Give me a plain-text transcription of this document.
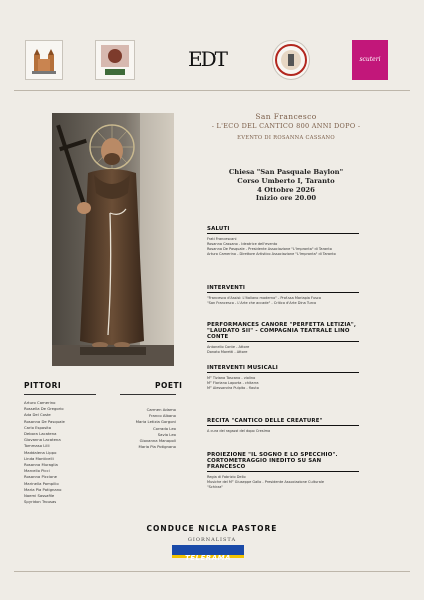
EDT	scuteri
San Francesco
- L'ECO DEL CANTICO 800 ANNI DOPO -
EVENTO DI ROSANNA CASSANO
Chiesa "San Pasquale Baylon"
Corso Umberto I, Taranto
4 Ottobre 2026
Inizio ore 20.00
SALUTI
Frati Francescani
Rosanna Cassano - Ideatrice dell'evento
Rosanna De Pasquale - Presidente Associazione "L'Impronta" di Taranto
Arturo Camerino - Direttore Artistico Associazione "L'Impronta" di Taranto
INTERVENTI
"Francesco d'Assisi: L'Italiano moderno" - Prof.ssa Mariapia Fusco
"San Francesco - L'Arte che accade" - Critico d'Arte Dina Turco
PERFORMANCES CANORE "PERFETTA LETIZIA",
"LAUDATO SII" - COMPAGNIA TEATRALE LINO CONTE
Antonello Conte - Attore
Donato Moretti - Attore
INTERVENTI MUSICALI
M° Tiziana Toscano - violino
M° Floriano Laporta - chitarra
M° Alessandra Pulpito - flauto
RECITA "CANTICO DELLE CREATURE"
A cura dei ragazzi del dopo Cresima
PROIEZIONE "IL SOGNO E LO SPECCHIO".
CORTOMETRAGGIO INEDITO SU SAN FRANCESCO
Regia di Fabrizio Dello
Musiche del M° Giuseppe Gallo - Presidente Associazione Culturale
"Schirza"
PITTORI
Arturo Camerino
Rossella De Gregorio
Ada Del Coste
Rosanna De Pasquale
Carlo Esposito
Debora Lacatena
Giovanna Lacatena
Tommaso Lilli
Maddalena Lippo
Linda Monticelli
Rosanna Muraglia
Marcello Picci
Rosanna Piccione
Marinella Pompilio
Maria Pia Potignano
Noemi Sassafile
Spyridon Trousas
POETI
Carmen Adamo
Franco Albano
Maria Letizia Gorgoni
Corrado Leo
Savio Leo
Giovanna Manopoli
Maria Pia Potignano
CONDUCE NICLA PASTORE
GIORNALISTA
TELERAMA
